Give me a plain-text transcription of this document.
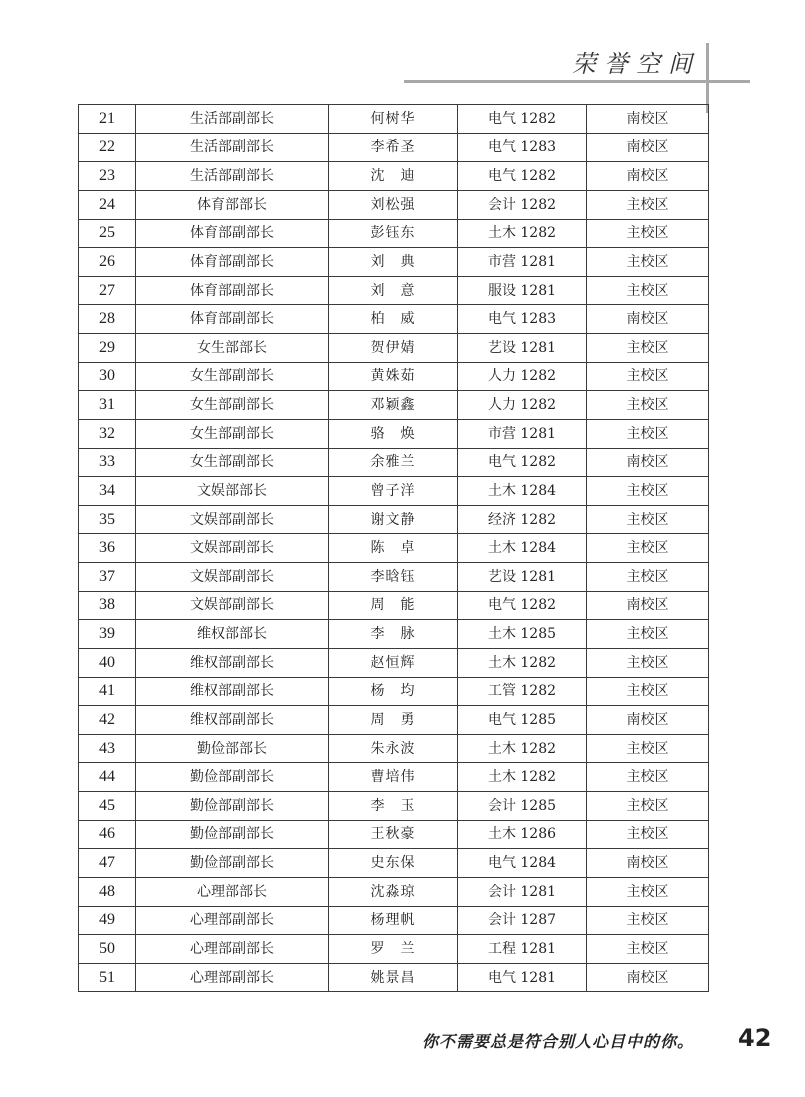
荣誉空间
21	生活部副部长	何树华	电气 1282	南校区
22	生活部副部长	李希圣	电气 1283	南校区
23	生活部副部长	沈　迪	电气 1282	南校区
24	体育部部长	刘松强	会计 1282	主校区
25	体育部副部长	彭钰东	土木 1282	主校区
26	体育部副部长	刘　典	市营 1281	主校区
27	体育部副部长	刘　意	服设 1281	主校区
28	体育部副部长	柏　威	电气 1283	南校区
29	女生部部长	贺伊婧	艺设 1281	主校区
30	女生部副部长	黄姝茹	人力 1282	主校区
31	女生部副部长	邓颖鑫	人力 1282	主校区
32	女生部副部长	骆　焕	市营 1281	主校区
33	女生部副部长	余雅兰	电气 1282	南校区
34	文娱部部长	曾子洋	土木 1284	主校区
35	文娱部副部长	谢文静	经济 1282	主校区
36	文娱部副部长	陈　卓	土木 1284	主校区
37	文娱部副部长	李晗钰	艺设 1281	主校区
38	文娱部副部长	周　能	电气 1282	南校区
39	维权部部长	李　脉	土木 1285	主校区
40	维权部副部长	赵恒辉	土木 1282	主校区
41	维权部副部长	杨　均	工管 1282	主校区
42	维权部副部长	周　勇	电气 1285	南校区
43	勤俭部部长	朱永波	土木 1282	主校区
44	勤俭部副部长	曹培伟	土木 1282	主校区
45	勤俭部副部长	李　玉	会计 1285	主校区
46	勤俭部副部长	王秋豪	土木 1286	主校区
47	勤俭部副部长	史东保	电气 1284	南校区
48	心理部部长	沈淼琼	会计 1281	主校区
49	心理部副部长	杨理帆	会计 1287	主校区
50	心理部副部长	罗　兰	工程 1281	主校区
51	心理部副部长	姚景昌	电气 1281	南校区
你不需要总是符合别人心目中的你。	42
